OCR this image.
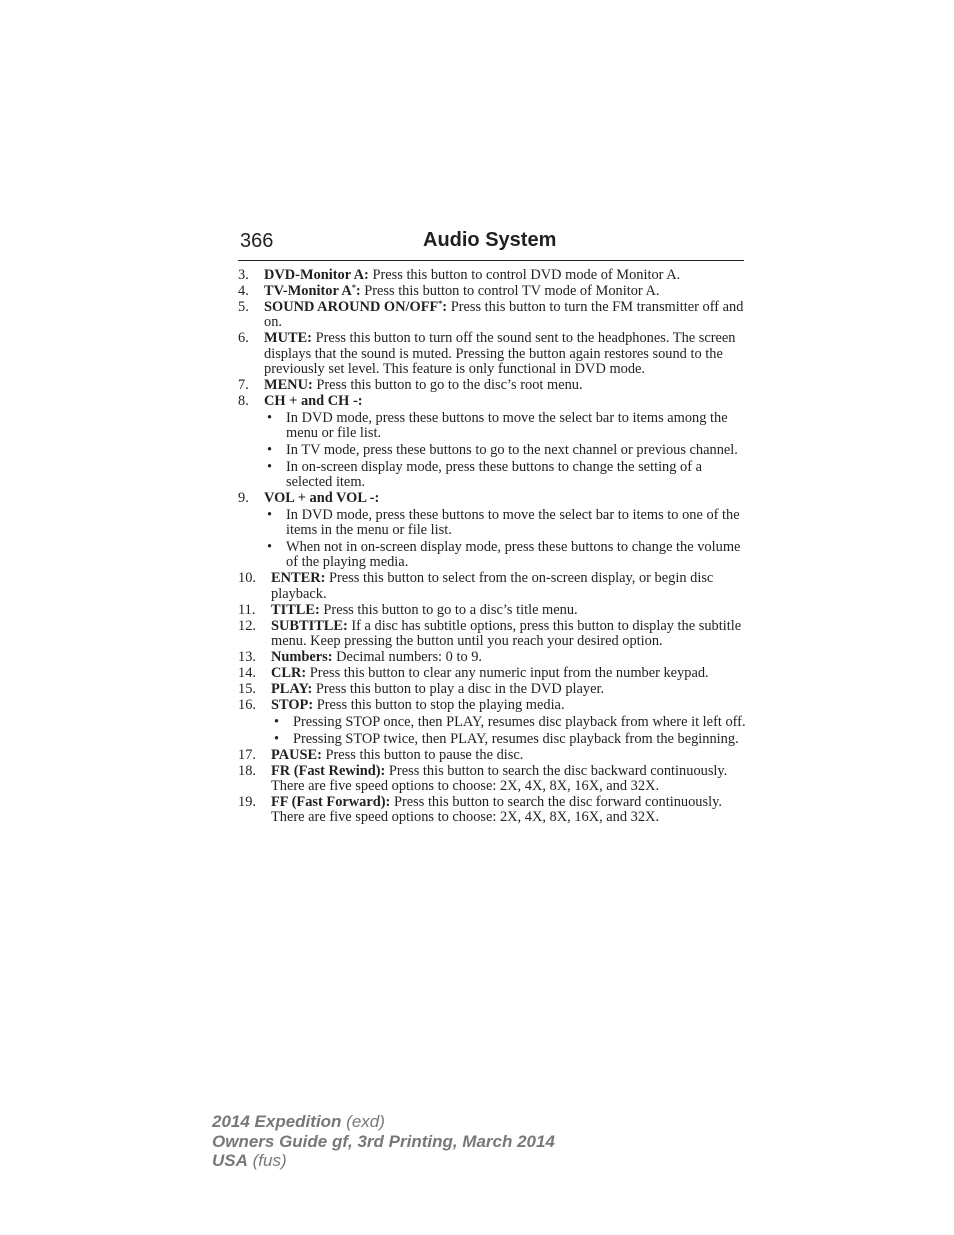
366	Audio System
3. DVD-Monitor A: Press this button to control DVD mode of Monitor A.
4. TV-Monitor A*: Press this button to control TV mode of Monitor A.
5. SOUND AROUND ON/OFF*: Press this button to turn the FM transmitter off and on.
6. MUTE: Press this button to turn off the sound sent to the headphones. The screen displays that the sound is muted. Pressing the button again restores sound to the previously set level. This feature is only functional in DVD mode.
7. MENU: Press this button to go to the disc’s root menu.
8. CH + and CH -:
• In DVD mode, press these buttons to move the select bar to items among the menu or file list.
• In TV mode, press these buttons to go to the next channel or previous channel.
• In on-screen display mode, press these buttons to change the setting of a selected item.
9. VOL + and VOL -:
• In DVD mode, press these buttons to move the select bar to items to one of the items in the menu or file list.
• When not in on-screen display mode, press these buttons to change the volume of the playing media.
10. ENTER: Press this button to select from the on-screen display, or begin disc playback.
11. TITLE: Press this button to go to a disc’s title menu.
12. SUBTITLE: If a disc has subtitle options, press this button to display the subtitle menu. Keep pressing the button until you reach your desired option.
13. Numbers: Decimal numbers: 0 to 9.
14. CLR: Press this button to clear any numeric input from the number keypad.
15. PLAY: Press this button to play a disc in the DVD player.
16. STOP: Press this button to stop the playing media.
• Pressing STOP once, then PLAY, resumes disc playback from where it left off.
• Pressing STOP twice, then PLAY, resumes disc playback from the beginning.
17. PAUSE: Press this button to pause the disc.
18. FR (Fast Rewind): Press this button to search the disc backward continuously. There are five speed options to choose: 2X, 4X, 8X, 16X, and 32X.
19. FF (Fast Forward): Press this button to search the disc forward continuously. There are five speed options to choose: 2X, 4X, 8X, 16X, and 32X.
2014 Expedition (exd)
Owners Guide gf, 3rd Printing, March 2014
USA (fus)
